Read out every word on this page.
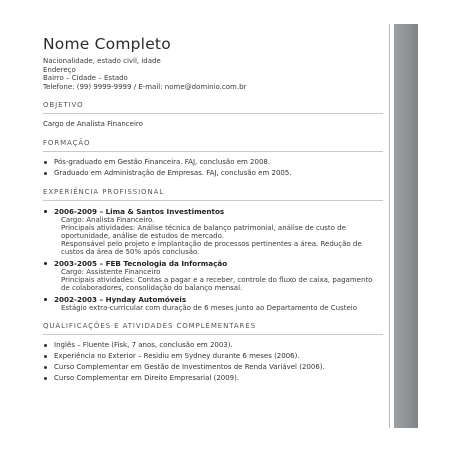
Nome Completo
Nacionalidade, estado civil, idade
Endereço
Bairro – Cidade – Estado
Telefone: (99) 9999-9999 / E-mail: nome@dominio.com.br
OBJETIVO
Cargo de Analista Financeiro
FORMAÇÃO
Pós-graduado em Gestão Financeira. FAJ, conclusão em 2008.
Graduado em Administração de Empresas. FAJ, conclusão em 2005.
EXPERIÊNCIA PROFISSIONAL
2006-2009 – Lima & Santos Investimentos
Cargo: Analista Financeiro.
Principais atividades: Análise técnica de balanço patrimonial, análise de custo de
oportunidade, análise de estudos de mercado.
Responsável pelo projeto e implantação de processos pertinentes a área. Redução de
custos da área de 50% após conclusão.
2003-2005 – FEB Tecnologia da Informação
Cargo: Assistente Financeiro
Principais atividades: Contas a pagar e a receber, controle do fluxo de caixa, pagamento
de colaboradores, consolidação do balanço mensal.
2002-2003 – Hynday Automóveis
Estágio extra-curricular com duração de 6 meses junto ao Departamento de Custeio
QUALIFICAÇÕES E ATIVIDADES COMPLEMENTARES
Inglês – Fluente (Fisk, 7 anos, conclusão em 2003).
Experiência no Exterior – Residiu em Sydney durante 6 meses (2006).
Curso Complementar em Gestão de Investimentos de Renda Variável (2006).
Curso Complementar em Direito Empresarial (2009).
